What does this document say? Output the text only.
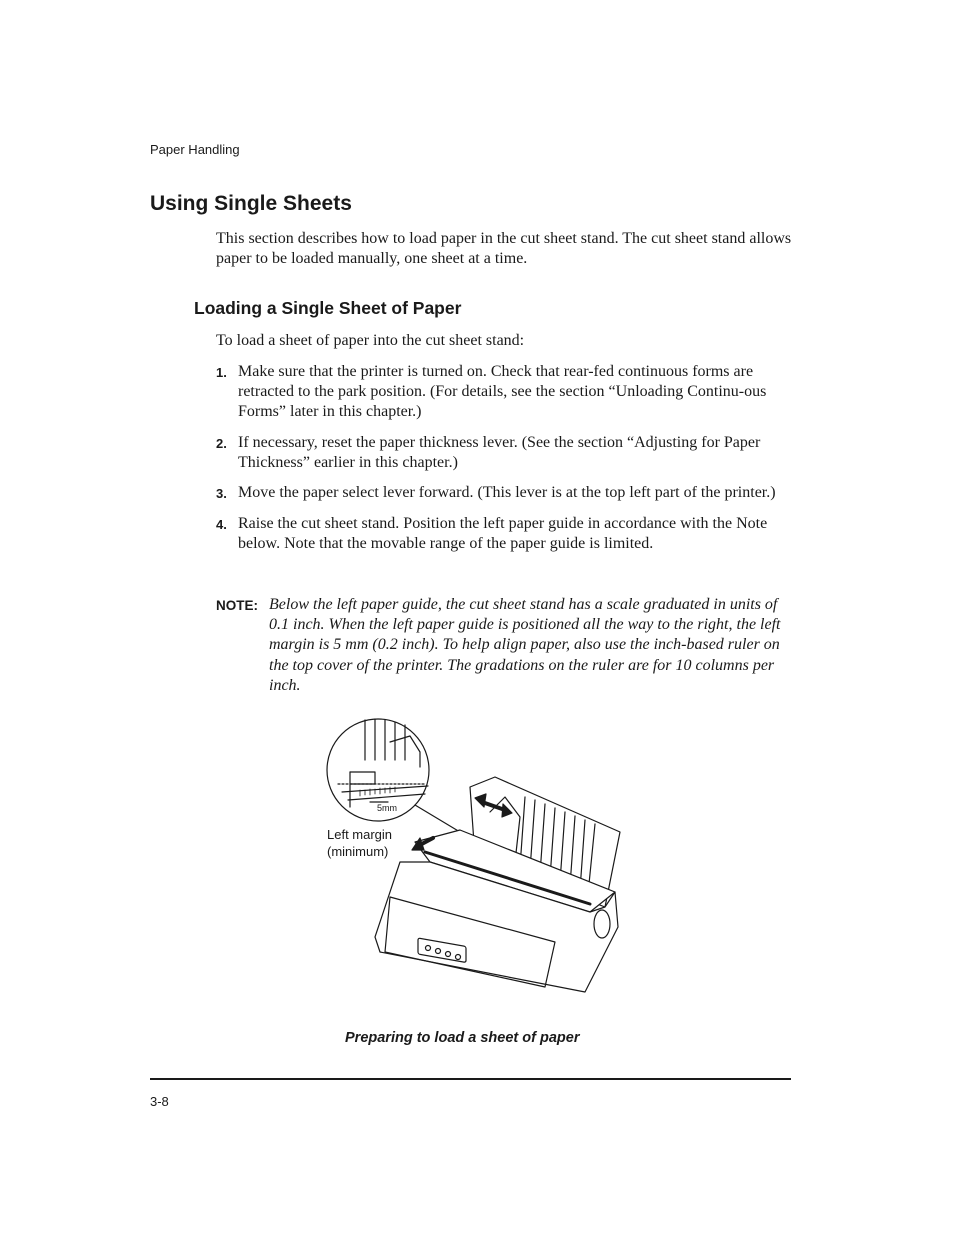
Paper Handling
Using Single Sheets

This section describes how to load paper in the cut sheet stand. The cut sheet stand allows paper to be loaded manually, one sheet at a time.

Loading a Single Sheet of Paper

To load a sheet of paper into the cut sheet stand:

1. Make sure that the printer is turned on. Check that rear-fed continuous forms are retracted to the park position. (For details, see the section “Unloading Continu-ous Forms” later in this chapter.)
2. If necessary, reset the paper thickness lever. (See the section “Adjusting for Paper Thickness” earlier in this chapter.)
3. Move the paper select lever forward. (This lever is at the top left part of the printer.)
4. Raise the cut sheet stand. Position the left paper guide in accordance with the Note below. Note that the movable range of the paper guide is limited.
NOTE: Below the left paper guide, the cut sheet stand has a scale graduated in units of 0.1 inch. When the left paper guide is positioned all the way to the right, the left margin is 5 mm (0.2 inch). To help align paper, also use the inch-based ruler on the top cover of the printer. The gradations on the ruler are for 10 columns per inch.
5mm
Left margin
(minimum)
Preparing to load a sheet of paper
3-8
